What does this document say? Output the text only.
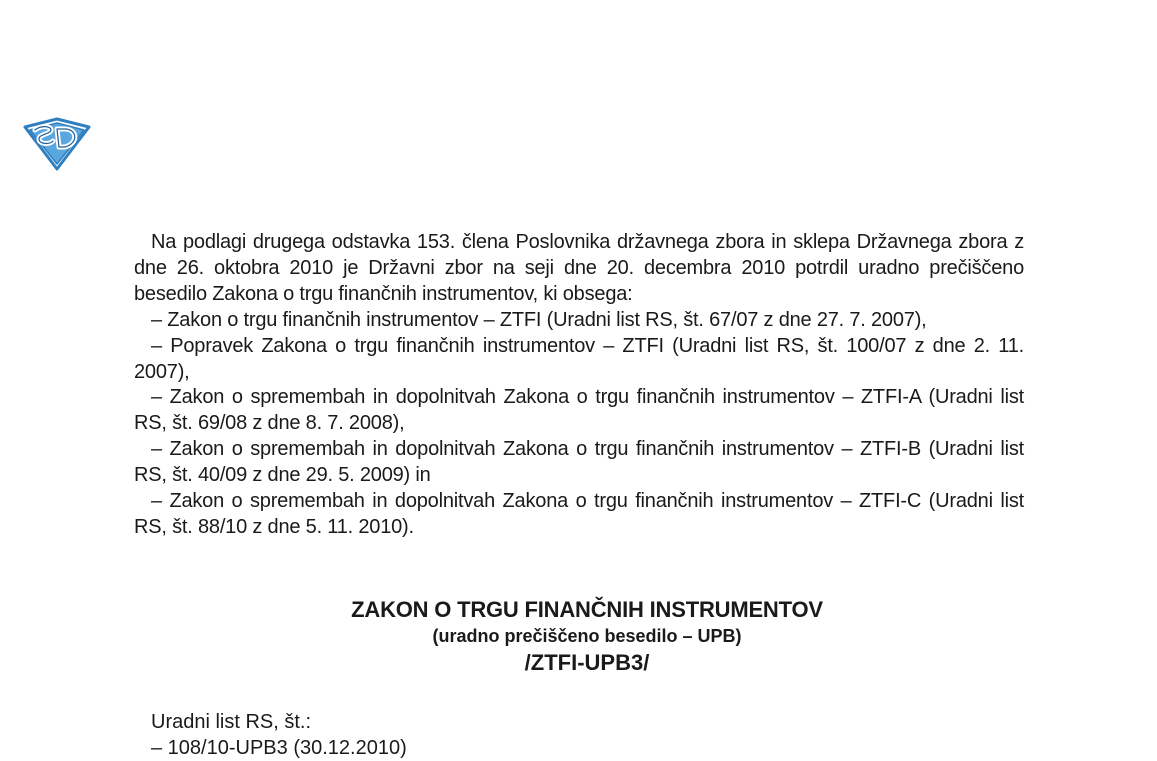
Na podlagi drugega odstavka 153. člena Poslovnika državnega zbora in sklepa Državnega zbora z dne 26. oktobra 2010 je Državni zbor na seji dne 20. decembra 2010 potrdil uradno prečiščeno besedilo Zakona o trgu finančnih instrumentov, ki obsega:

– Zakon o trgu finančnih instrumentov – ZTFI (Uradni list RS, št. 67/07 z dne 27. 7. 2007),

– Popravek Zakona o trgu finančnih instrumentov – ZTFI (Uradni list RS, št. 100/07 z dne 2. 11. 2007),

– Zakon o spremembah in dopolnitvah Zakona o trgu finančnih instrumentov – ZTFI-A (Uradni list RS, št. 69/08 z dne 8. 7. 2008),

– Zakon o spremembah in dopolnitvah Zakona o trgu finančnih instrumentov – ZTFI-B (Uradni list RS, št. 40/09 z dne 29. 5. 2009) in

– Zakon o spremembah in dopolnitvah Zakona o trgu finančnih instrumentov – ZTFI-C (Uradni list RS, št. 88/10 z dne 5. 11. 2010).

ZAKON O TRGU FINANČNIH INSTRUMENTOV
(uradno prečiščeno besedilo – UPB)
/ZTFI-UPB3/
Uradni list RS, št.:
– 108/10-UPB3 (30.12.2010)
